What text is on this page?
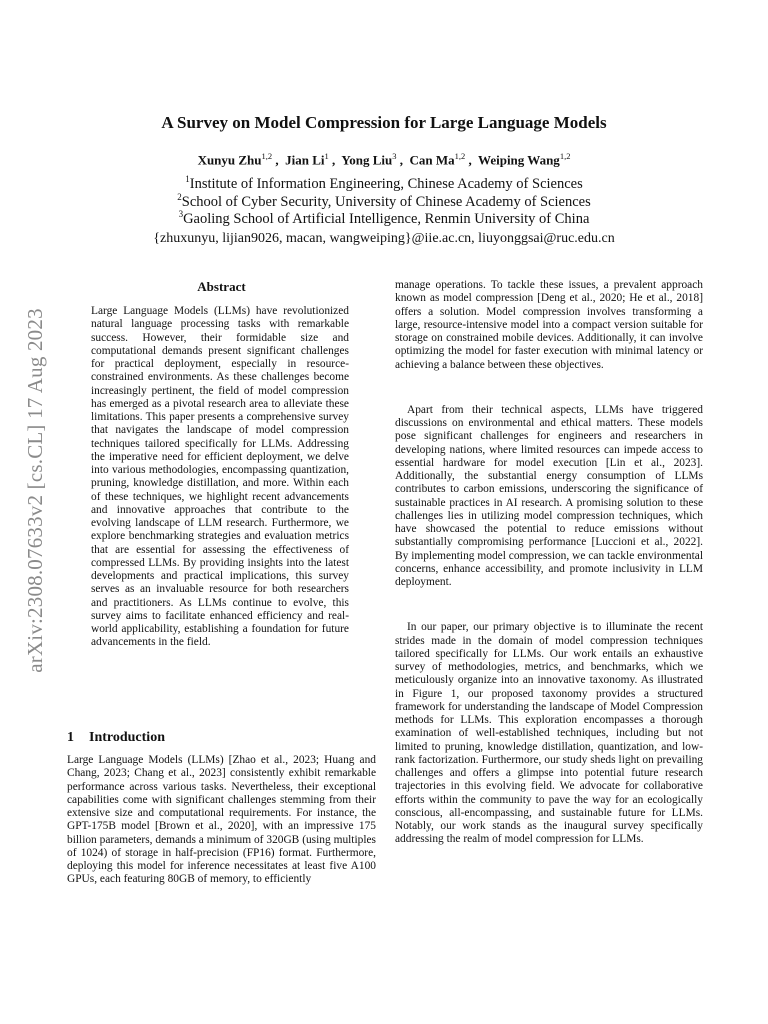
arXiv:2308.07633v2 [cs.CL] 17 Aug 2023
A Survey on Model Compression for Large Language Models
Xunyu Zhu$^{1,2}$ ,  Jian Li$^1$ ,  Yong Liu$^3$ ,  Can Ma$^{1,2}$ ,  Weiping Wang$^{1,2}$
$^1$Institute of Information Engineering, Chinese Academy of Sciences
$^2$School of Cyber Security, University of Chinese Academy of Sciences
$^3$Gaoling School of Artificial Intelligence, Renmin University of China
{zhuxunyu, lijian9026, macan, wangweiping}@iie.ac.cn, liuyonggsai@ruc.edu.cn
Abstract

Large Language Models (LLMs) have revolutionized natural language processing tasks with remarkable success. However, their formidable size and computational demands present significant challenges for practical deployment, especially in resource-constrained environments. As these challenges become increasingly pertinent, the field of model compression has emerged as a pivotal research area to alleviate these limitations. This paper presents a comprehensive survey that navigates the landscape of model compression techniques tailored specifically for LLMs. Addressing the imperative need for efficient deployment, we delve into various methodologies, encompassing quantization, pruning, knowledge distillation, and more. Within each of these techniques, we highlight recent advancements and innovative approaches that contribute to the evolving landscape of LLM research. Furthermore, we explore benchmarking strategies and evaluation metrics that are essential for assessing the effectiveness of compressed LLMs. By providing insights into the latest developments and practical implications, this survey serves as an invaluable resource for both researchers and practitioners. As LLMs continue to evolve, this survey aims to facilitate enhanced efficiency and real-world applicability, establishing a foundation for future advancements in the field.

1 Introduction

Large Language Models (LLMs) [Zhao et al., 2023; Huang and Chang, 2023; Chang et al., 2023] consistently exhibit remarkable performance across various tasks. Nevertheless, their exceptional capabilities come with significant challenges stemming from their extensive size and computational requirements. For instance, the GPT-175B model [Brown et al., 2020], with an impressive 175 billion parameters, demands a minimum of 320GB (using multiples of 1024) of storage in half-precision (FP16) format. Furthermore, deploying this model for inference necessitates at least five A100 GPUs, each featuring 80GB of memory, to efficiently

manage operations. To tackle these issues, a prevalent approach known as model compression [Deng et al., 2020; He et al., 2018] offers a solution. Model compression involves transforming a large, resource-intensive model into a compact version suitable for storage on constrained mobile devices. Additionally, it can involve optimizing the model for faster execution with minimal latency or achieving a balance between these objectives.

Apart from their technical aspects, LLMs have triggered discussions on environmental and ethical matters. These models pose significant challenges for engineers and researchers in developing nations, where limited resources can impede access to essential hardware for model execution [Lin et al., 2023]. Additionally, the substantial energy consumption of LLMs contributes to carbon emissions, underscoring the significance of sustainable practices in AI research. A promising solution to these challenges lies in utilizing model compression techniques, which have showcased the potential to reduce emissions without substantially compromising performance [Luccioni et al., 2022]. By implementing model compression, we can tackle environmental concerns, enhance accessibility, and promote inclusivity in LLM deployment.

In our paper, our primary objective is to illuminate the recent strides made in the domain of model compression techniques tailored specifically for LLMs. Our work entails an exhaustive survey of methodologies, metrics, and benchmarks, which we meticulously organize into an innovative taxonomy. As illustrated in Figure 1, our proposed taxonomy provides a structured framework for understanding the landscape of Model Compression methods for LLMs. This exploration encompasses a thorough examination of well-established techniques, including but not limited to pruning, knowledge distillation, quantization, and low-rank factorization. Furthermore, our study sheds light on prevailing challenges and offers a glimpse into potential future research trajectories in this evolving field. We advocate for collaborative efforts within the community to pave the way for an ecologically conscious, all-encompassing, and sustainable future for LLMs. Notably, our work stands as the inaugural survey specifically addressing the realm of model compression for LLMs.
